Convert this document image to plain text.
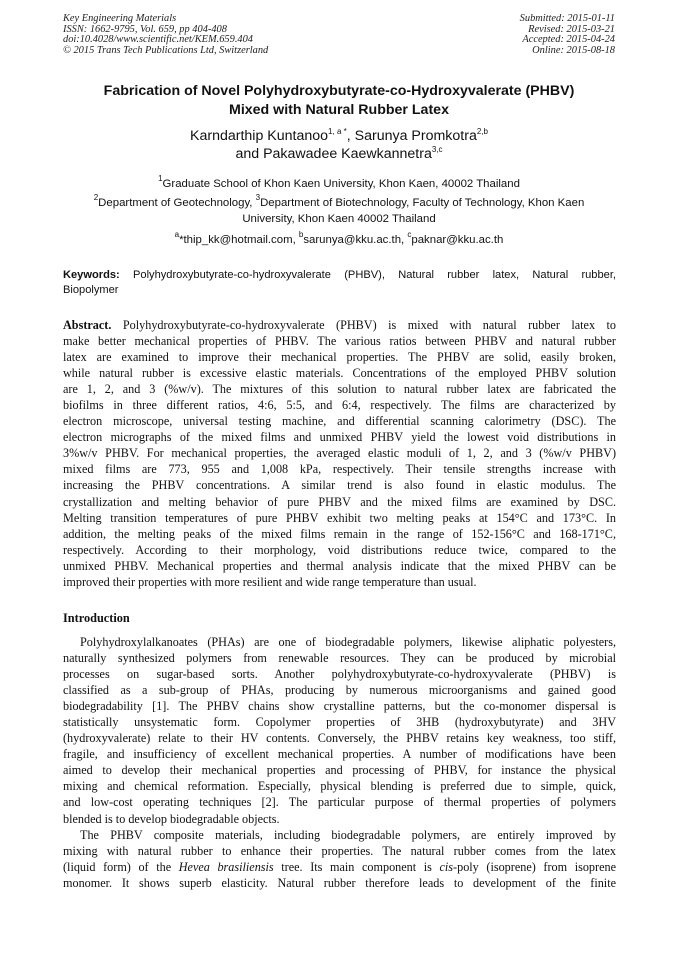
Key Engineering Materials
ISSN: 1662-9795, Vol. 659, pp 404-408
doi:10.4028/www.scientific.net/KEM.659.404
© 2015 Trans Tech Publications Ltd, Switzerland
Submitted: 2015-01-11
Revised: 2015-03-21
Accepted: 2015-04-24
Online: 2015-08-18
Fabrication of Novel Polyhydroxybutyrate-co-Hydroxyvalerate (PHBV)
Mixed with Natural Rubber Latex
Karndarthip Kuntanoo$^{1, a *}$, Sarunya Promkotra$^{2,b}$
and Pakawadee Kaewkannetra$^{3,c}$
$^1$Graduate School of Khon Kaen University, Khon Kaen, 40002 Thailand
$^2$Department of Geotechnology, $^3$Department of Biotechnology, Faculty of Technology, Khon Kaen
University, Khon Kaen 40002 Thailand
$^a$*thip_kk@hotmail.com, $^b$sarunya@kku.ac.th, $^c$paknar@kku.ac.th
Keywords: Polyhydroxybutyrate-co-hydroxyvalerate (PHBV), Natural rubber latex, Natural rubber,
Biopolymer
Abstract. Polyhydroxybutyrate-co-hydroxyvalerate (PHBV) is mixed with natural rubber latex to
make better mechanical properties of PHBV. The various ratios between PHBV and natural rubber
latex are examined to improve their mechanical properties. The PHBV are solid, easily broken,
while natural rubber is excessive elastic materials. Concentrations of the employed PHBV solution
are 1, 2, and 3 (%w/v). The mixtures of this solution to natural rubber latex are fabricated the
biofilms in three different ratios, 4:6, 5:5, and 6:4, respectively. The films are characterized by
electron microscope, universal testing machine, and differential scanning calorimetry (DSC). The
electron micrographs of the mixed films and unmixed PHBV yield the lowest void distributions in
3%w/v PHBV. For mechanical properties, the averaged elastic moduli of 1, 2, and 3 (%w/v PHBV)
mixed films are 773, 955 and 1,008 kPa, respectively. Their tensile strengths increase with
increasing the PHBV concentrations. A similar trend is also found in elastic modulus. The
crystallization and melting behavior of pure PHBV and the mixed films are examined by DSC.
Melting transition temperatures of pure PHBV exhibit two melting peaks at 154°C and 173°C. In
addition, the melting peaks of the mixed films remain in the range of 152-156°C and 168-171°C,
respectively. According to their morphology, void distributions reduce twice, compared to the
unmixed PHBV. Mechanical properties and thermal analysis indicate that the mixed PHBV can be
improved their properties with more resilient and wide range temperature than usual.
Introduction
Polyhydroxylalkanoates (PHAs) are one of biodegradable polymers, likewise aliphatic polyesters,
naturally synthesized polymers from renewable resources. They can be produced by microbial
processes on sugar-based sorts. Another polyhydroxybutyrate-co-hydroxyvalerate (PHBV) is
classified as a sub-group of PHAs, producing by numerous microorganisms and gained good
biodegradability [1]. The PHBV chains show crystalline patterns, but the co-monomer dispersal is
statistically unsystematic form. Copolymer properties of 3HB (hydroxybutyrate) and 3HV
(hydroxyvalerate) relate to their HV contents. Conversely, the PHBV retains key weakness, too stiff,
fragile, and insufficiency of excellent mechanical properties. A number of modifications have been
aimed to develop their mechanical properties and processing of PHBV, for instance the physical
mixing and chemical reformation. Especially, physical blending is preferred due to simple, quick,
and low-cost operating techniques [2]. The particular purpose of thermal properties of polymers
blended is to develop biodegradable objects.
The PHBV composite materials, including biodegradable polymers, are entirely improved by
mixing with natural rubber to enhance their properties. The natural rubber comes from the latex
(liquid form) of the Hevea brasiliensis tree. Its main component is cis-poly (isoprene) from isoprene
monomer. It shows superb elasticity. Natural rubber therefore leads to development of the finite
